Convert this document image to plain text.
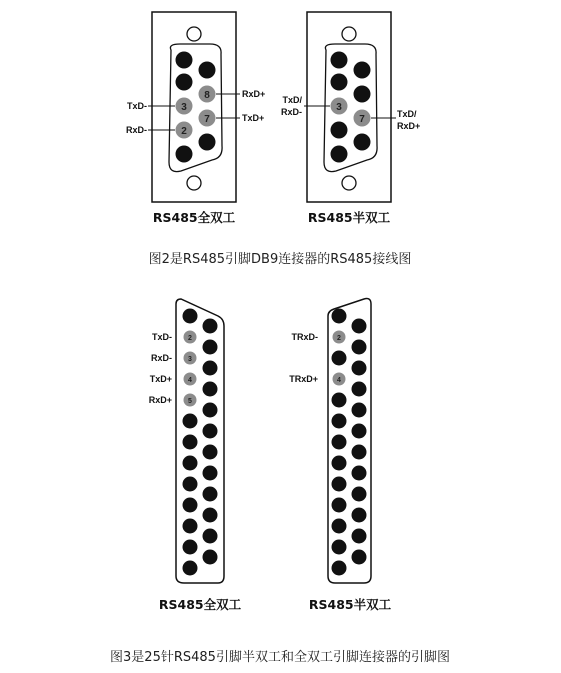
3
2
8
7
TxD-
RxD-
RxD+
TxD+
RS485全双工
3
7
TxD/
RxD-	TxD/
RxD+
RS485半双工
图2是RS485引脚DB9连接器的RS485接线图
2
3
4
5
TxD-
RxD-
TxD+
RxD+
RS485全双工
2
4
TRxD-
TRxD+
RS485半双工
图3是25针RS485引脚半双工和全双工引脚连接器的引脚图
